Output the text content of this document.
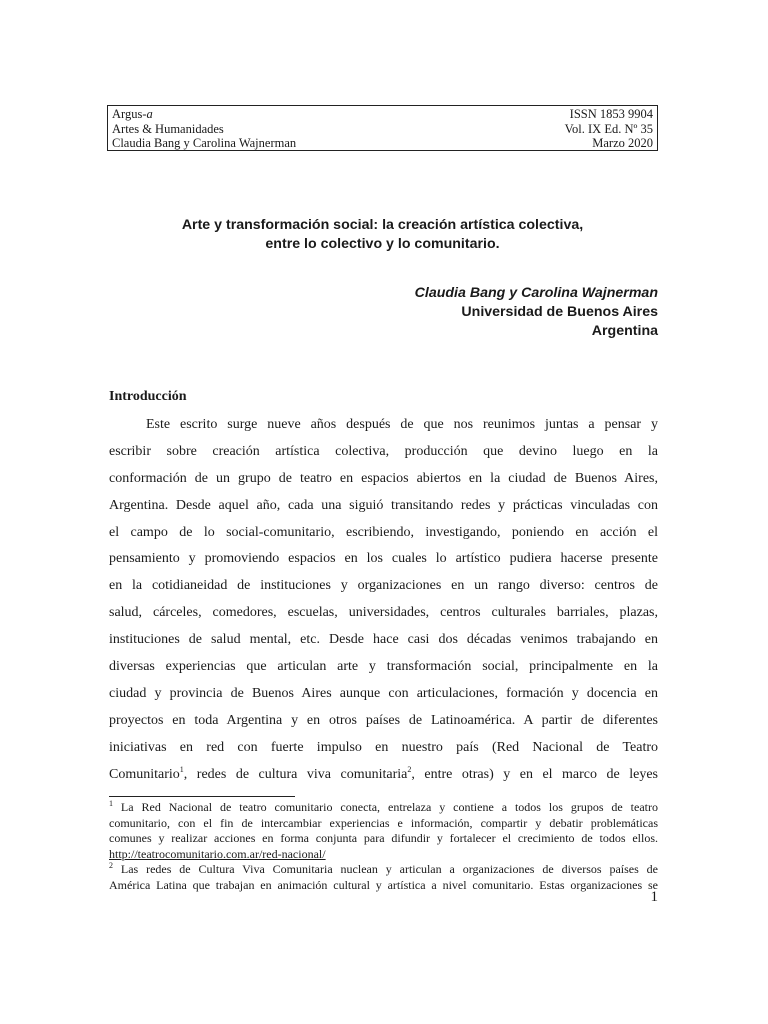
Argus-a	ISSN 1853 9904
Artes & Humanidades	Vol. IX Ed. Nº 35
Claudia Bang y Carolina Wajnerman	Marzo 2020
Arte y transformación social: la creación artística colectiva,
entre lo colectivo y lo comunitario.
Claudia Bang y Carolina Wajnerman
Universidad de Buenos Aires
Argentina
Introducción
Este escrito surge nueve años después de que nos reunimos juntas a pensar y
escribir sobre creación artística colectiva, producción que devino luego en la
conformación de un grupo de teatro en espacios abiertos en la ciudad de Buenos Aires,
Argentina. Desde aquel año, cada una siguió transitando redes y prácticas vinculadas con
el campo de lo social-comunitario, escribiendo, investigando, poniendo en acción el
pensamiento y promoviendo espacios en los cuales lo artístico pudiera hacerse presente
en la cotidianeidad de instituciones y organizaciones en un rango diverso: centros de
salud, cárceles, comedores, escuelas, universidades, centros culturales barriales, plazas,
instituciones de salud mental, etc. Desde hace casi dos décadas venimos trabajando en
diversas experiencias que articulan arte y transformación social, principalmente en la
ciudad y provincia de Buenos Aires aunque con articulaciones, formación y docencia en
proyectos en toda Argentina y en otros países de Latinoamérica. A partir de diferentes
iniciativas en red con fuerte impulso en nuestro país (Red Nacional de Teatro
Comunitario$^1$, redes de cultura viva comunitaria$^2$, entre otras) y en el marco de leyes
$^1$ La Red Nacional de teatro comunitario conecta, entrelaza y contiene a todos los grupos de teatro
comunitario, con el fin de intercambiar experiencias e información, compartir y debatir problemáticas
comunes y realizar acciones en forma conjunta para difundir y fortalecer el crecimiento de todos ellos.
http://teatrocomunitario.com.ar/red-nacional/
$^2$ Las redes de Cultura Viva Comunitaria nuclean y articulan a organizaciones de diversos países de
América Latina que trabajan en animación cultural y artística a nivel comunitario. Estas organizaciones se
1
